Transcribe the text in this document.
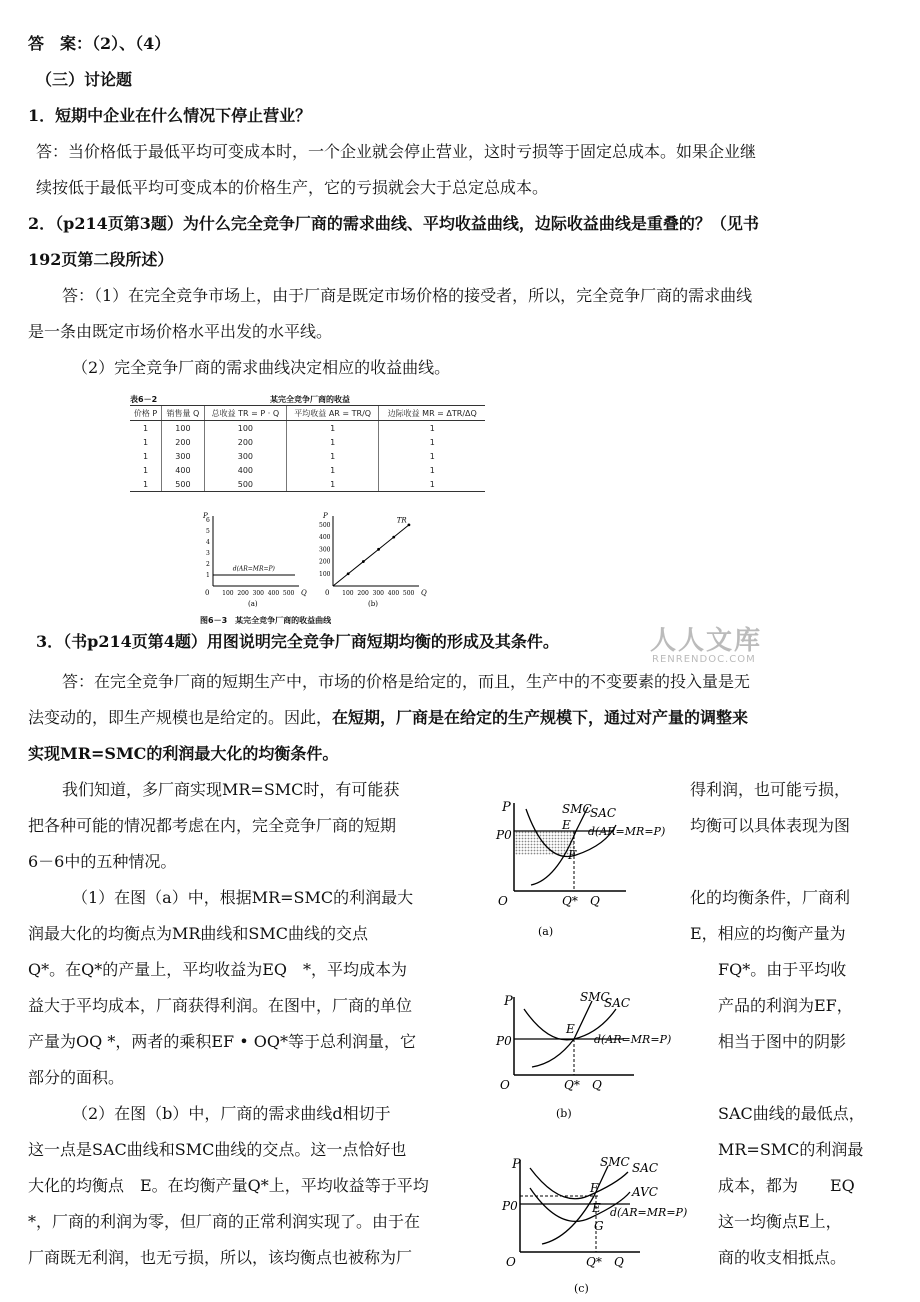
答　案：（2）、（4）
（三）讨论题
1．短期中企业在什么情况下停止营业？
答：当价格低于最低平均可变成本时，一个企业就会停止营业，这时亏损等于固定总成本。如果企业继
续按低于最低平均可变成本的价格生产，它的亏损就会大于总定总成本。
2．（p214页第3题）为什么完全竞争厂商的需求曲线、平均收益曲线，边际收益曲线是重叠的？（见书
192页第二段所述）
答：（1）在完全竞争市场上，由于厂商是既定市场价格的接受者，所以，完全竞争厂商的需求曲线
是一条由既定市场价格水平出发的水平线。
（2）完全竞争厂商的需求曲线决定相应的收益曲线。
表6－2	某完全竞争厂商的收益
价格 P	销售量 Q	总收益 TR = P · Q	平均收益 AR = TR/Q	边际收益 MR = ΔTR/ΔQ
1	100	100	1	1
1	200	200	1	1
1	300	300	1	1
1	400	400	1	1
1	500	500	1	1
P
Q
0 100 200 300 400 500
1
2
3
4
5
6
d(AR=MR=P)
(a)
P
Q
0 100 200 300 400 500
100
200
300
400
500
TR
(b)
图6－3　某完全竞争厂商的收益曲线
人人文库
RENRENDOC.COM
3．（书p214页第4题）用图说明完全竞争厂商短期均衡的形成及其条件。
答：在完全竞争厂商的短期生产中，市场的价格是给定的，而且，生产中的不变要素的投入量是无
法变动的，即生产规模也是给定的。因此，在短期，厂商是在给定的生产规模下，通过对产量的调整来
实现MR=SMC的利润最大化的均衡条件。
我们知道，多厂商实现MR=SMC时，有可能获
把各种可能的情况都考虑在内，完全竞争厂商的短期
6－6中的五种情况。
（1）在图（a）中，根据MR=SMC的利润最大
润最大化的均衡点为MR曲线和SMC曲线的交点
Q*。在Q*的产量上，平均收益为EQ　*，平均成本为
益大于平均成本，厂商获得利润。在图中，厂商的单位
产量为OQ *，两者的乘积EF • OQ*等于总利润量，它
部分的面积。
（2）在图（b）中，厂商的需求曲线d相切于
这一点是SAC曲线和SMC曲线的交点。这一点恰好也
大化的均衡点　E。在均衡产量Q*上，平均收益等于平均
*，厂商的利润为零，但厂商的正常利润实现了。由于在
厂商既无利润，也无亏损，所以，该均衡点也被称为厂
得利润，也可能亏损，
均衡可以具体表现为图
化的均衡条件，厂商利
E，相应的均衡产量为
FQ*。由于平均收
产品的利润为EF，
相当于图中的阴影
SAC曲线的最低点，
MR=SMC的利润最
成本，都为　　EQ
这一均衡点E上，
商的收支相抵点。
P
P0
O	Q* Q
SMC
SAC
E
F
d(AR=MR=P)
(a)
P
P0
O	Q* Q
SMC
SAC
E
d(AR=MR=P)
(b)
P
P0
O	Q* Q
SMC SAC
AVC
F
E
G
d(AR=MR=P)
(c)
